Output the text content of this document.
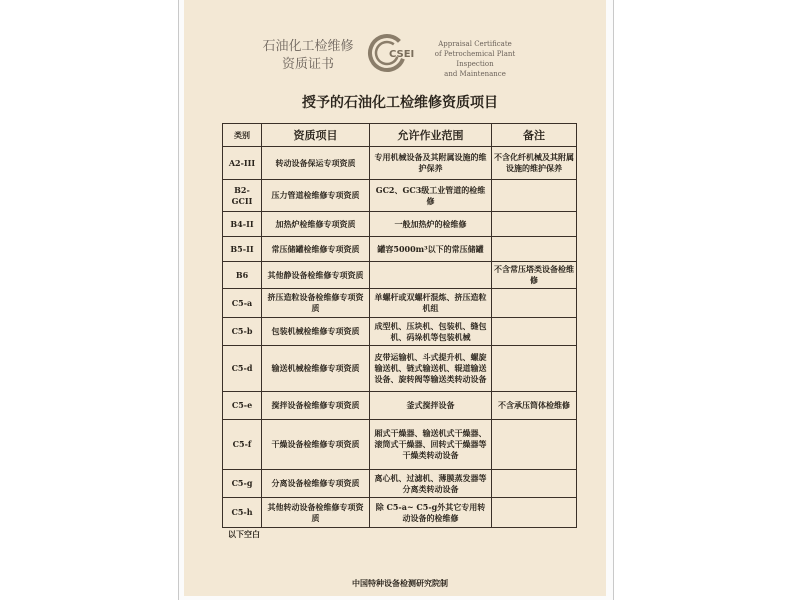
石油化工检维修
资质证书
CSEI
Appraisal Certificate
of Petrochemical Plant Inspection
and Maintenance
授予的石油化工检维修资质项目
类别	资质项目	允许作业范围	备注
A2-III	转动设备保运专项资质	专用机械设备及其附属设施的维护保养	不含化纤机械及其附属设施的维护保养
B2-GCII	压力管道检维修专项资质	GC2、GC3级工业管道的检维修	
B4-II	加热炉检维修专项资质	一般加热炉的检维修	
B5-II	常压储罐检维修专项资质	罐容5000m³以下的常压储罐	
B6	其他静设备检维修专项资质		不含常压塔类设备检维修
C5-a	挤压造粒设备检维修专项资质	单螺杆或双螺杆混炼、挤压造粒机组	
C5-b	包装机械检维修专项资质	成型机、压块机、包装机、缝包机、码垛机等包装机械	
C5-d	输送机械检维修专项资质	皮带运输机、斗式提升机、螺旋输送机、链式输送机、辊道输送设备、旋转阀等输送类转动设备	
C5-e	搅拌设备检维修专项资质	釜式搅拌设备	不含承压筒体检维修
C5-f	干燥设备检维修专项资质	厢式干燥器、输送机式干燥器、滚筒式干燥器、回转式干燥器等干燥类转动设备	
C5-g	分离设备检维修专项资质	离心机、过滤机、薄膜蒸发器等分离类转动设备	
C5-h	其他转动设备检维修专项资质	除 C5-a~ C5-g外其它专用转动设备的检维修	
以下空白
中国特种设备检测研究院制
